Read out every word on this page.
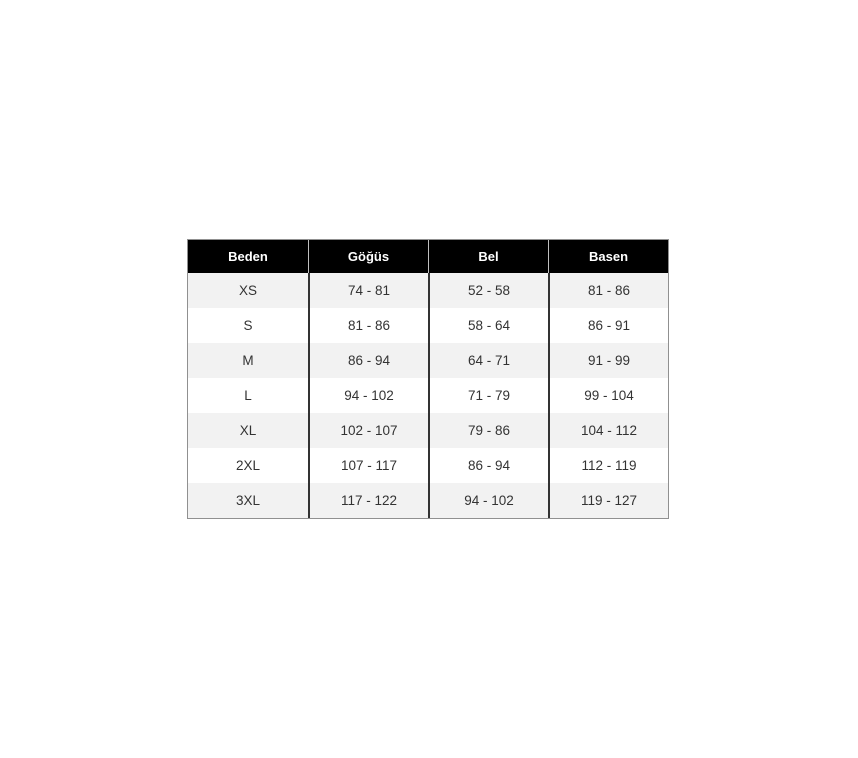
Beden	Göğüs	Bel	Basen
XS	74 - 81	52 - 58	81 - 86
S	81 - 86	58 - 64	86 - 91
M	86 - 94	64 - 71	91 - 99
L	94 - 102	71 - 79	99 - 104
XL	102 - 107	79 - 86	104 - 112
2XL	107 - 117	86 - 94	112 - 119
3XL	117 - 122	94 - 102	119 - 127
